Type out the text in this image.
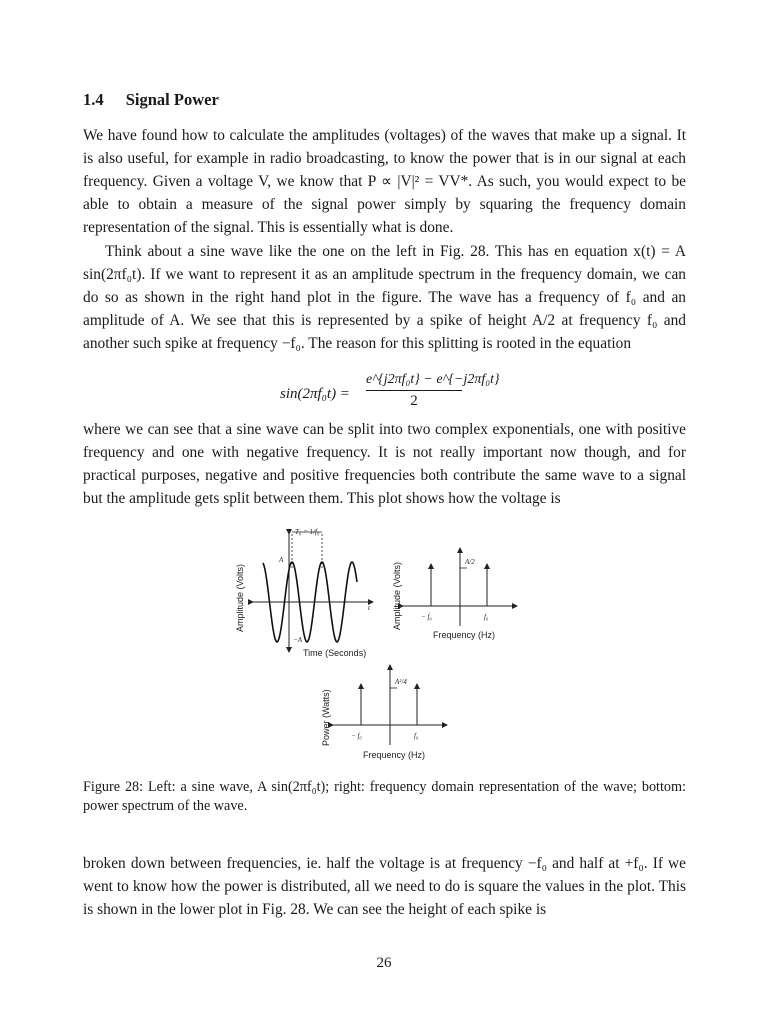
1.4 Signal Power
We have found how to calculate the amplitudes (voltages) of the waves that make up a signal. It is also useful, for example in radio broadcasting, to know the power that is in our signal at each frequency. Given a voltage V, we know that P ∝ |V|² = VV*. As such, you would expect to be able to obtain a measure of the signal power simply by squaring the frequency domain representation of the signal. This is essentially what is done.
Think about a sine wave like the one on the left in Fig. 28. This has en equation x(t) = A sin(2πf₀t). If we want to represent it as an amplitude spectrum in the frequency domain, we can do so as shown in the right hand plot in the figure. The wave has a frequency of f₀ and an amplitude of A. We see that this is represented by a spike of height A/2 at frequency f₀ and another such spike at frequency −f₀. The reason for this splitting is rooted in the equation
sin(2πf₀t) =
e^{j2πf₀t} − e^{−j2πf₀t}
2
where we can see that a sine wave can be split into two complex exponentials, one with positive frequency and one with negative frequency. It is not really important now though, and for practical purposes, negative and positive frequencies both contribute the same wave to a signal but the amplitude gets split between them. This plot shows how the voltage is
T₀ = 1/f₀
A
−A
t
Time (Seconds)
Amplitude (Volts)
A/2
− f₀	f₀
Frequency (Hz)
Amplitude (Volts)
A²/4
− f₀	f₀
Frequency (Hz)
Power (Watts)
Figure 28: Left: a sine wave, A sin(2πf₀t); right: frequency domain representation of the wave; bottom: power spectrum of the wave.
broken down between frequencies, ie. half the voltage is at frequency −f₀ and half at +f₀. If we went to know how the power is distributed, all we need to do is square the values in the plot. This is shown in the lower plot in Fig. 28. We can see the height of each spike is
26
